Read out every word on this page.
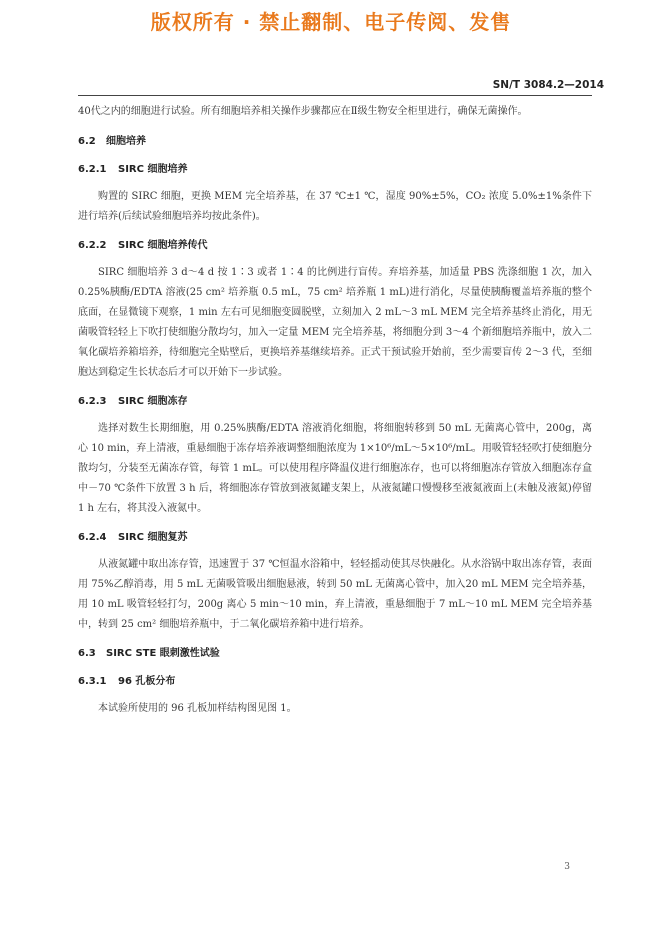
版权所有 · 禁止翻制、电子传阅、发售
SN/T 3084.2—2014

40代之内的细胞进行试验。所有细胞培养相关操作步骤都应在Ⅱ级生物安全柜里进行，确保无菌操作。

6.2 细胞培养
6.2.1 SIRC 细胞培养

购置的 SIRC 细胞，更换 MEM 完全培养基，在 37 ℃±1 ℃，湿度 90%±5%，CO₂ 浓度 5.0%±1%条件下进行培养(后续试验细胞培养均按此条件)。

6.2.2 SIRC 细胞培养传代

SIRC 细胞培养 3 d～4 d 按 1∶3 或者 1∶4 的比例进行盲传。弃培养基，加适量 PBS 洗涤细胞 1 次，加入 0.25%胰酶/EDTA 溶液(25 cm² 培养瓶 0.5 mL，75 cm² 培养瓶 1 mL)进行消化，尽量使胰酶覆盖培养瓶的整个底面，在显微镜下观察，1 min 左右可见细胞变圆脱壁，立刻加入 2 mL～3 mL MEM 完全培养基终止消化，用无菌吸管轻轻上下吹打使细胞分散均匀，加入一定量 MEM 完全培养基，将细胞分到 3～4 个新细胞培养瓶中，放入二氧化碳培养箱培养，待细胞完全贴壁后，更换培养基继续培养。正式干预试验开始前，至少需要盲传 2～3 代，至细胞达到稳定生长状态后才可以开始下一步试验。

6.2.3 SIRC 细胞冻存

选择对数生长期细胞，用 0.25%胰酶/EDTA 溶液消化细胞，将细胞转移到 50 mL 无菌离心管中，200g，离心 10 min，弃上清液，重悬细胞于冻存培养液调整细胞浓度为 1×10⁶/mL～5×10⁶/mL。用吸管轻轻吹打使细胞分散均匀，分装至无菌冻存管，每管 1 mL。可以使用程序降温仪进行细胞冻存，也可以将细胞冻存管放入细胞冻存盒中－70 ℃条件下放置 3 h 后，将细胞冻存管放到液氮罐支架上，从液氮罐口慢慢移至液氮液面上(未触及液氮)停留 1 h 左右，将其没入液氮中。

6.2.4 SIRC 细胞复苏

从液氮罐中取出冻存管，迅速置于 37 ℃恒温水浴箱中，轻轻摇动使其尽快融化。从水浴锅中取出冻存管，表面用 75%乙醇消毒，用 5 mL 无菌吸管吸出细胞悬液，转到 50 mL 无菌离心管中，加入20 mL MEM 完全培养基，用 10 mL 吸管轻轻打匀，200g 离心 5 min～10 min，弃上清液，重悬细胞于 7 mL～10 mL MEM 完全培养基中，转到 25 cm² 细胞培养瓶中，于二氧化碳培养箱中进行培养。

6.3 SIRC STE 眼刺激性试验
6.3.1 96 孔板分布

本试验所使用的 96 孔板加样结构图见图 1。

3
